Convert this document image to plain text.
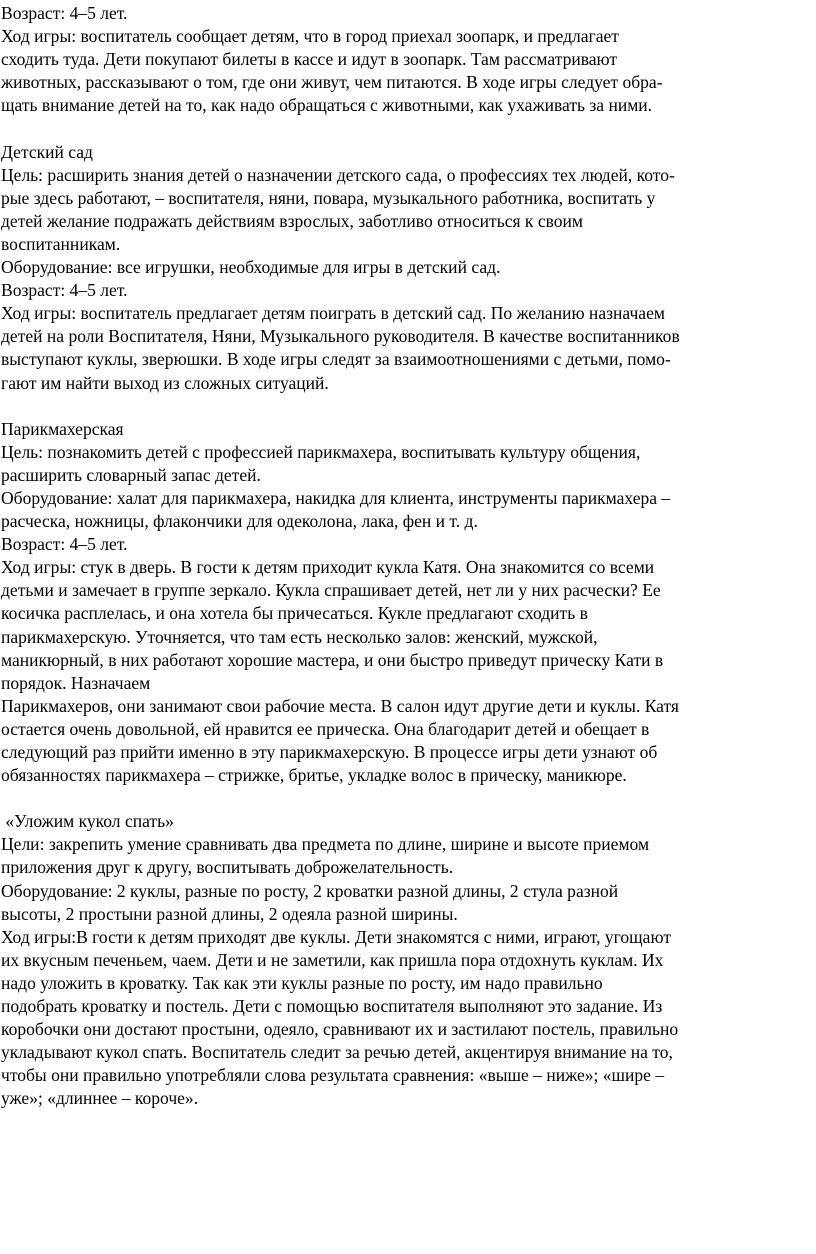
Возраст: 4–5 лет.
Ход игры: воспитатель сообщает детям, что в город приехал зоопарк, и предлагает
сходить туда. Дети покупают билеты в кассе и идут в зоопарк. Там рассматривают
животных, рассказывают о том, где они живут, чем питаются. В ходе игры следует обра-
щать внимание детей на то, как надо обращаться с животными, как ухаживать за ними.
Детский сад
Цель: расширить знания детей о назначении детского сада, о профессиях тех людей, кото-
рые здесь работают, – воспитателя, няни, повара, музыкального работника, воспитать у
детей желание подражать действиям взрослых, заботливо относиться к своим
воспитанникам.
Оборудование: все игрушки, необходимые для игры в детский сад.
Возраст: 4–5 лет.
Ход игры: воспитатель предлагает детям поиграть в детский сад. По желанию назначаем
детей на роли Воспитателя, Няни, Музыкального руководителя. В качестве воспитанников
выступают куклы, зверюшки. В ходе игры следят за взаимоотношениями с детьми, помо-
гают им найти выход из сложных ситуаций.
Парикмахерская
Цель: познакомить детей с профессией парикмахера, воспитывать культуру общения,
расширить словарный запас детей.
Оборудование: халат для парикмахера, накидка для клиента, инструменты парикмахера –
расческа, ножницы, флакончики для одеколона, лака, фен и т. д.
Возраст: 4–5 лет.
Ход игры: стук в дверь. В гости к детям приходит кукла Катя. Она знакомится со всеми
детьми и замечает в группе зеркало. Кукла спрашивает детей, нет ли у них расчески? Ее
косичка расплелась, и она хотела бы причесаться. Кукле предлагают сходить в
парикмахерскую. Уточняется, что там есть несколько залов: женский, мужской,
маникюрный, в них работают хорошие мастера, и они быстро приведут прическу Кати в
порядок. Назначаем
Парикмахеров, они занимают свои рабочие места. В салон идут другие дети и куклы. Катя
остается очень довольной, ей нравится ее прическа. Она благодарит детей и обещает в
следующий раз прийти именно в эту парикмахерскую. В процессе игры дети узнают об
обязанностях парикмахера – стрижке, бритье, укладке волос в прическу, маникюре.
«Уложим кукол спать»
Цели: закрепить умение сравнивать два предмета по длине, ширине и высоте приемом
приложения друг к другу, воспитывать доброжелательность.
Оборудование: 2 куклы, разные по росту, 2 кроватки разной длины, 2 стула разной
высоты, 2 простыни разной длины, 2 одеяла разной ширины.
Ход игры:В гости к детям приходят две куклы. Дети знакомятся с ними, играют, угощают
их вкусным печеньем, чаем. Дети и не заметили, как пришла пора отдохнуть куклам. Их
надо уложить в кроватку. Так как эти куклы разные по росту, им надо правильно
подобрать кроватку и постель. Дети с помощью воспитателя выполняют это задание. Из
коробочки они достают простыни, одеяло, сравнивают их и застилают постель, правильно
укладывают кукол спать. Воспитатель следит за речью детей, акцентируя внимание на то,
чтобы они правильно употребляли слова результата сравнения: «выше – ниже»; «шире –
уже»; «длиннее – короче».
